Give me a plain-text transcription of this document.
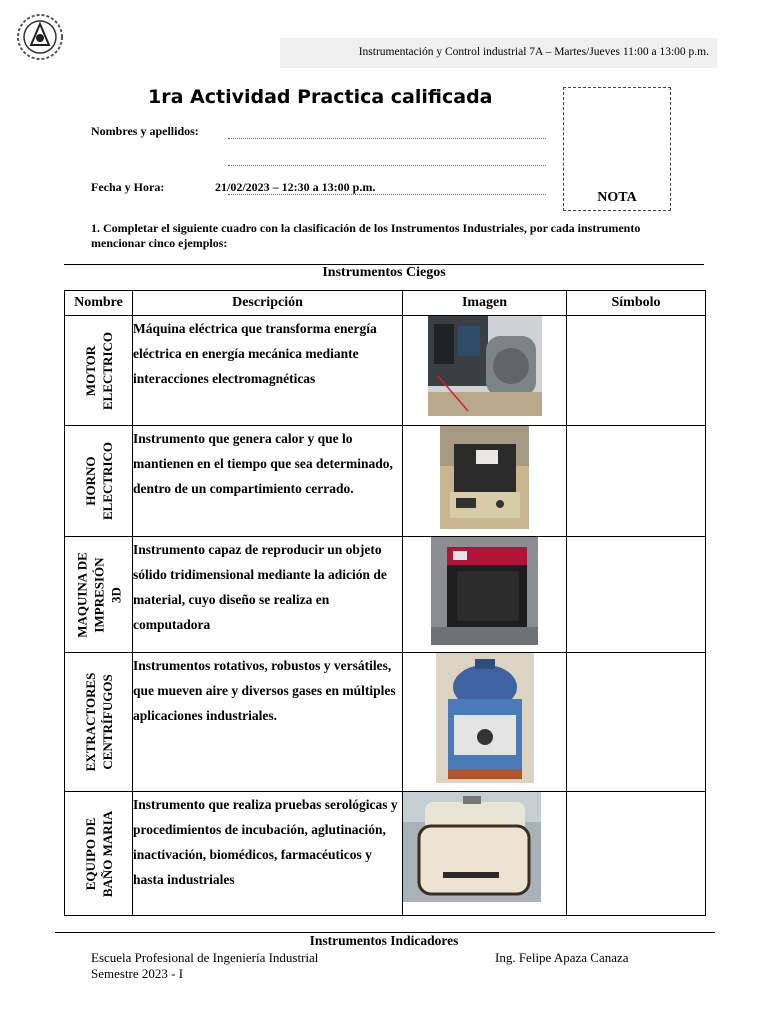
Instrumentación y Control industrial 7A – Martes/Jueves 11:00 a 13:00 p.m.
1ra Actividad Practica calificada
NOTA
Nombres y apellidos:
Fecha y Hora:	21/02/2023 – 12:30 a 13:00 p.m.
1. Completar el siguiente cuadro con la clasificación de los Instrumentos Industriales, por cada instrumento mencionar cinco ejemplos:
Instrumentos Ciegos
Nombre	Descripción	Imagen	Símbolo

MOTOR ELECTRICO	Máquina eléctrica que transforma energía eléctrica en energía mecánica mediante interacciones electromagnéticas	

HORNO ELECTRICO	Instrumento que genera calor y que lo mantienen en el tiempo que sea determinado, dentro de un compartimiento cerrado.	

MAQUINA DE IMPRESIÓN 3D	Instrumento capaz de reproducir un objeto sólido tridimensional mediante la adición de material, cuyo diseño se realiza en computadora	

EXTRACTORES CENTRÍFUGOS	Instrumentos rotativos, robustos y versátiles, que mueven aire y diversos gases en múltiples aplicaciones industriales.	

EQUIPO DE BAÑO MARIA	Instrumento que realiza pruebas serológicas y procedimientos de incubación, aglutinación, inactivación, biomédicos, farmacéuticos y hasta industriales	

Instrumentos Indicadores
Escuela Profesional de Ingeniería Industrial
Semestre 2023 - I
Ing. Felipe Apaza Canaza
